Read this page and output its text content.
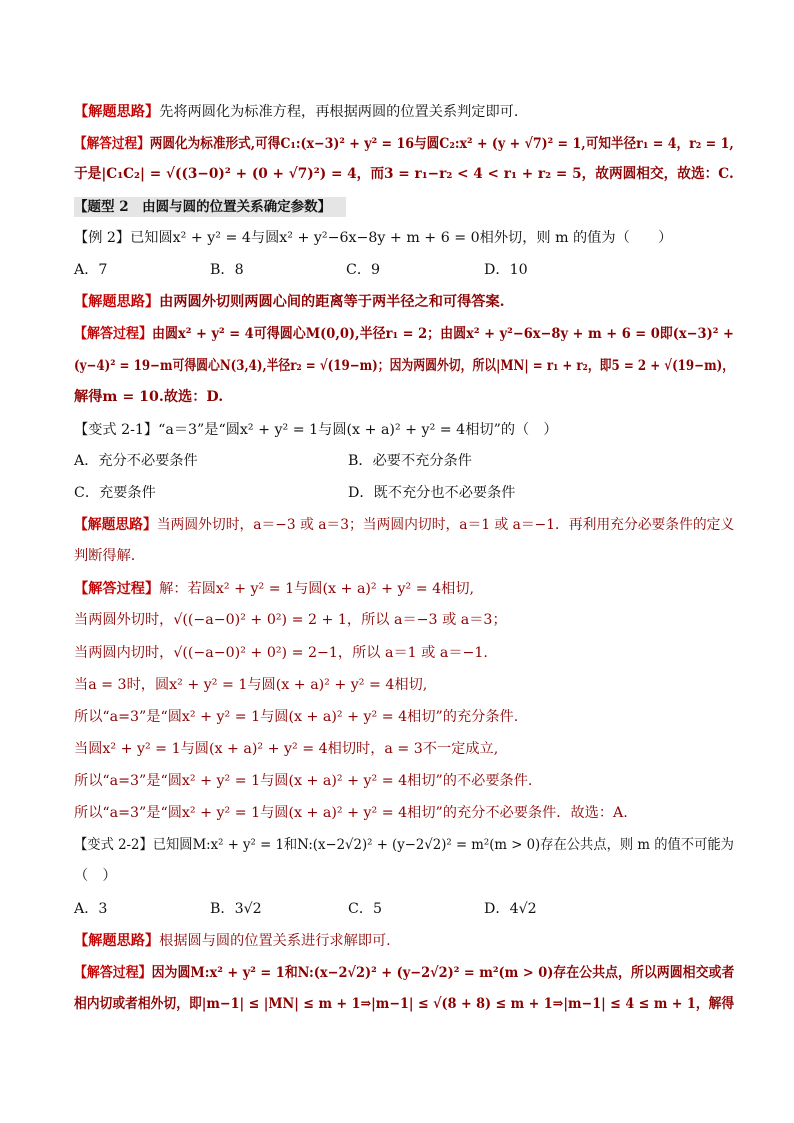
【解题思路】先将两圆化为标准方程，再根据两圆的位置关系判定即可.
【解答过程】两圆化为标准形式,可得C₁:(x−3)² + y² = 16与圆C₂:x² + (y + √7)² = 1,可知半径r₁ = 4，r₂ = 1,
于是|C₁C₂| = √((3−0)² + (0 + √7)²) = 4，而3 = r₁−r₂ < 4 < r₁ + r₂ = 5，故两圆相交，故选：C.
【题型 2　由圆与圆的位置关系确定参数】
【例 2】已知圆x² + y² = 4与圆x² + y²−6x−8y + m + 6 = 0相外切，则 m 的值为（　　）
A．7	B．8	C．9	D．10
【解题思路】由两圆外切则两圆心间的距离等于两半径之和可得答案.
【解答过程】由圆x² + y² = 4可得圆心M(0,0),半径r₁ = 2；由圆x² + y²−6x−8y + m + 6 = 0即(x−3)² +
(y−4)² = 19−m可得圆心N(3,4),半径r₂ = √(19−m)；因为两圆外切，所以|MN| = r₁ + r₂，即5 = 2 + √(19−m)，
解得m = 10.故选：D.
【变式 2-1】“a＝3”是“圆x² + y² = 1与圆(x + a)² + y² = 4相切”的（　）
A．充分不必要条件	B．必要不充分条件
C．充要条件	D．既不充分也不必要条件
【解题思路】当两圆外切时，a＝−3 或 a＝3；当两圆内切时，a＝1 或 a＝−1．再利用充分必要条件的定义
判断得解.
【解答过程】解：若圆x² + y² = 1与圆(x + a)² + y² = 4相切,
当两圆外切时，√((−a−0)² + 0²) = 2 + 1，所以 a＝−3 或 a＝3；
当两圆内切时，√((−a−0)² + 0²) = 2−1，所以 a＝1 或 a＝−1.
当a = 3时，圆x² + y² = 1与圆(x + a)² + y² = 4相切,
所以“a=3”是“圆x² + y² = 1与圆(x + a)² + y² = 4相切”的充分条件.
当圆x² + y² = 1与圆(x + a)² + y² = 4相切时，a = 3不一定成立,
所以“a=3”是“圆x² + y² = 1与圆(x + a)² + y² = 4相切”的不必要条件.
所以“a=3”是“圆x² + y² = 1与圆(x + a)² + y² = 4相切”的充分不必要条件．故选：A.
【变式 2-2】已知圆M:x² + y² = 1和N:(x−2√2)² + (y−2√2)² = m²(m > 0)存在公共点，则 m 的值不可能为
（　）
A．3	B．3√2	C．5	D．4√2
【解题思路】根据圆与圆的位置关系进行求解即可.
【解答过程】因为圆M:x² + y² = 1和N:(x−2√2)² + (y−2√2)² = m²(m > 0)存在公共点，所以两圆相交或者
相内切或者相外切，即|m−1| ≤ |MN| ≤ m + 1⇒|m−1| ≤ √(8 + 8) ≤ m + 1⇒|m−1| ≤ 4 ≤ m + 1，解得
